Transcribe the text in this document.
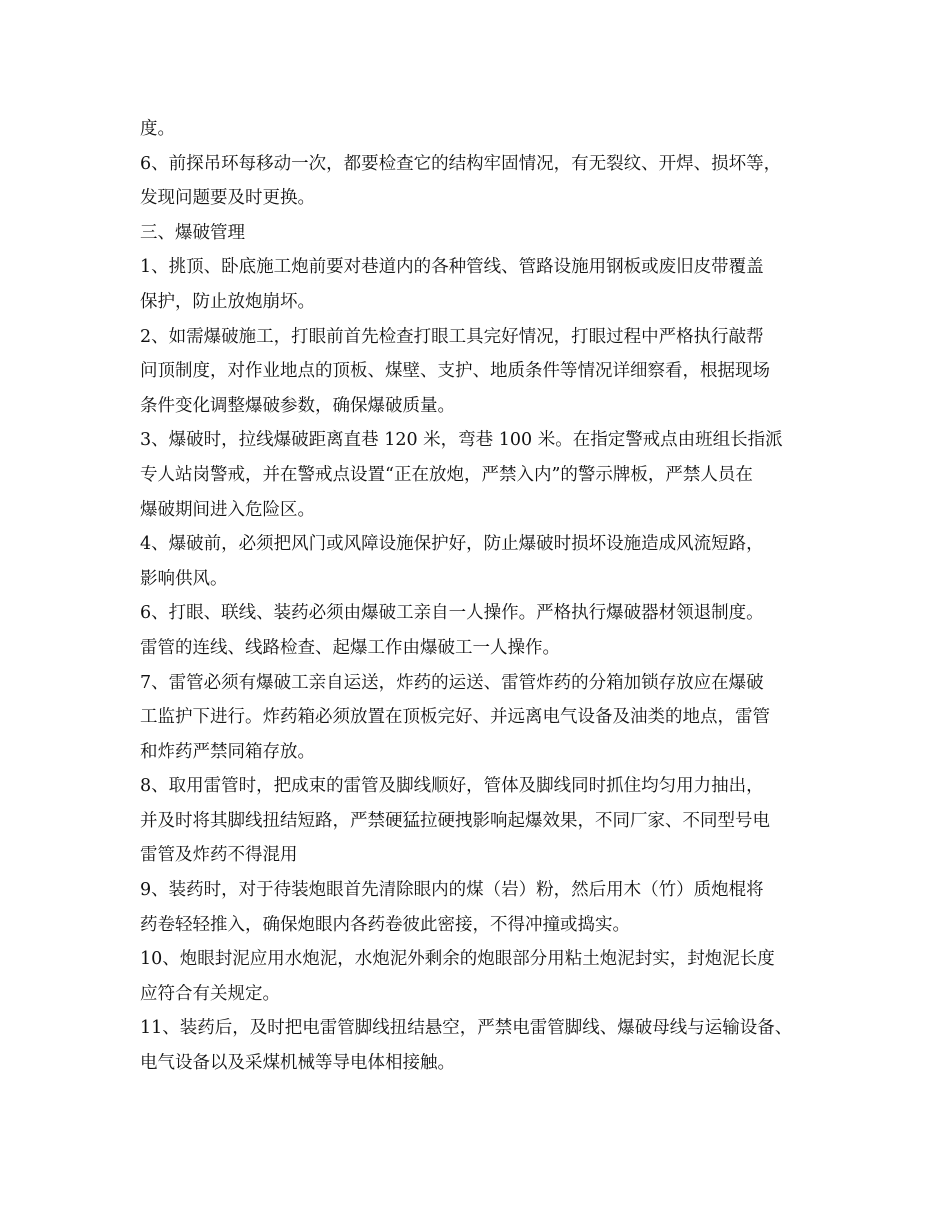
度。
6、前探吊环每移动一次，都要检查它的结构牢固情况，有无裂纹、开焊、损坏等，
发现问题要及时更换。
三、爆破管理
1、挑顶、卧底施工炮前要对巷道内的各种管线、管路设施用钢板或废旧皮带覆盖
保护，防止放炮崩坏。
2、如需爆破施工，打眼前首先检查打眼工具完好情况，打眼过程中严格执行敲帮
问顶制度，对作业地点的顶板、煤壁、支护、地质条件等情况详细察看，根据现场
条件变化调整爆破参数，确保爆破质量。
3、爆破时，拉线爆破距离直巷 120 米，弯巷 100 米。在指定警戒点由班组长指派
专人站岗警戒，并在警戒点设置“正在放炮，严禁入内”的警示牌板，严禁人员在
爆破期间进入危险区。
4、爆破前，必须把风门或风障设施保护好，防止爆破时损坏设施造成风流短路，
影响供风。
6、打眼、联线、装药必须由爆破工亲自一人操作。严格执行爆破器材领退制度。
雷管的连线、线路检查、起爆工作由爆破工一人操作。
7、雷管必须有爆破工亲自运送，炸药的运送、雷管炸药的分箱加锁存放应在爆破
工监护下进行。炸药箱必须放置在顶板完好、并远离电气设备及油类的地点，雷管
和炸药严禁同箱存放。
8、取用雷管时，把成束的雷管及脚线顺好，管体及脚线同时抓住均匀用力抽出，
并及时将其脚线扭结短路，严禁硬猛拉硬拽影响起爆效果，不同厂家、不同型号电
雷管及炸药不得混用
9、装药时，对于待装炮眼首先清除眼内的煤（岩）粉，然后用木（竹）质炮棍将
药卷轻轻推入，确保炮眼内各药卷彼此密接，不得冲撞或捣实。
10、炮眼封泥应用水炮泥，水炮泥外剩余的炮眼部分用粘土炮泥封实，封炮泥长度
应符合有关规定。
11、装药后，及时把电雷管脚线扭结悬空，严禁电雷管脚线、爆破母线与运输设备、
电气设备以及采煤机械等导电体相接触。
